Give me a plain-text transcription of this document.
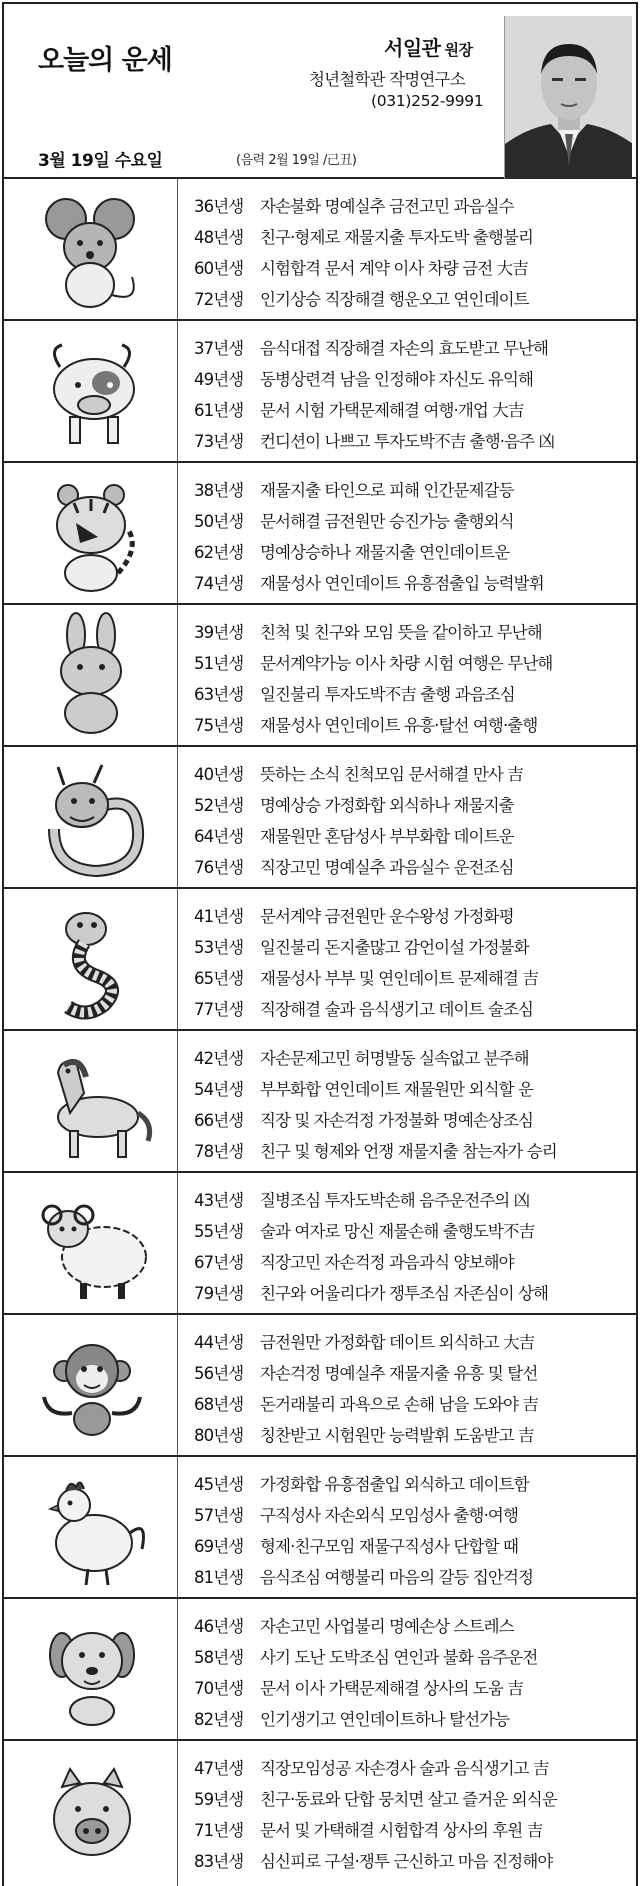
오늘의 운세	서일관 원장
청년철학관 작명연구소
(031)252-9991
3월 19일 수요일	(음력 2월 19일 /己丑)
36년생	자손불화 명예실추 금전고민 과음실수
48년생	친구·형제로 재물지출 투자도박 출행불리
60년생	시험합격 문서 계약 이사 차량 금전 大吉
72년생	인기상승 직장해결 행운오고 연인데이트
37년생	음식대접 직장해결 자손의 효도받고 무난해
49년생	동병상련격 남을 인정해야 자신도 유익해
61년생	문서 시험 가택문제해결 여행·개업 大吉
73년생	컨디션이 나쁘고 투자도박不吉 출행·음주 凶
38년생	재물지출 타인으로 피해 인간문제갈등
50년생	문서해결 금전원만 승진가능 출행외식
62년생	명예상승하나 재물지출 연인데이트운
74년생	재물성사 연인데이트 유흥점출입 능력발휘
39년생	친척 및 친구와 모임 뜻을 같이하고 무난해
51년생	문서계약가능 이사 차량 시험 여행은 무난해
63년생	일진불리 투자도박不吉 출행 과음조심
75년생	재물성사 연인데이트 유흥·탈선 여행·출행
40년생	뜻하는 소식 친척모임 문서해결 만사 吉
52년생	명예상승 가정화합 외식하나 재물지출
64년생	재물원만 혼담성사 부부화합 데이트운
76년생	직장고민 명예실추 과음실수 운전조심
41년생	문서계약 금전원만 운수왕성 가정화평
53년생	일진불리 돈지출많고 감언이설 가정불화
65년생	재물성사 부부 및 연인데이트 문제해결 吉
77년생	직장해결 술과 음식생기고 데이트 술조심
42년생	자손문제고민 허명발동 실속없고 분주해
54년생	부부화합 연인데이트 재물원만 외식할 운
66년생	직장 및 자손걱정 가정불화 명예손상조심
78년생	친구 및 형제와 언쟁 재물지출 참는자가 승리
43년생	질병조심 투자도박손해 음주운전주의 凶
55년생	술과 여자로 망신 재물손해 출행도박不吉
67년생	직장고민 자손걱정 과음과식 양보해야
79년생	친구와 어울리다가 쟁투조심 자존심이 상해
44년생	금전원만 가정화합 데이트 외식하고 大吉
56년생	자손걱정 명예실추 재물지출 유흥 및 탈선
68년생	돈거래불리 과욕으로 손해 남을 도와야 吉
80년생	칭찬받고 시험원만 능력발휘 도움받고 吉
45년생	가정화합 유흥점출입 외식하고 데이트함
57년생	구직성사 자손외식 모임성사 출행·여행
69년생	형제·친구모임 재물구직성사 단합할 때
81년생	음식조심 여행불리 마음의 갈등 집안걱정
46년생	자손고민 사업불리 명예손상 스트레스
58년생	사기 도난 도박조심 연인과 불화 음주운전
70년생	문서 이사 가택문제해결 상사의 도움 吉
82년생	인기생기고 연인데이트하나 탈선가능
47년생	직장모임성공 자손경사 술과 음식생기고 吉
59년생	친구·동료와 단합 뭉치면 살고 즐거운 외식운
71년생	문서 및 가택해결 시험합격 상사의 후원 吉
83년생	심신피로 구설·쟁투 근신하고 마음 진정해야
